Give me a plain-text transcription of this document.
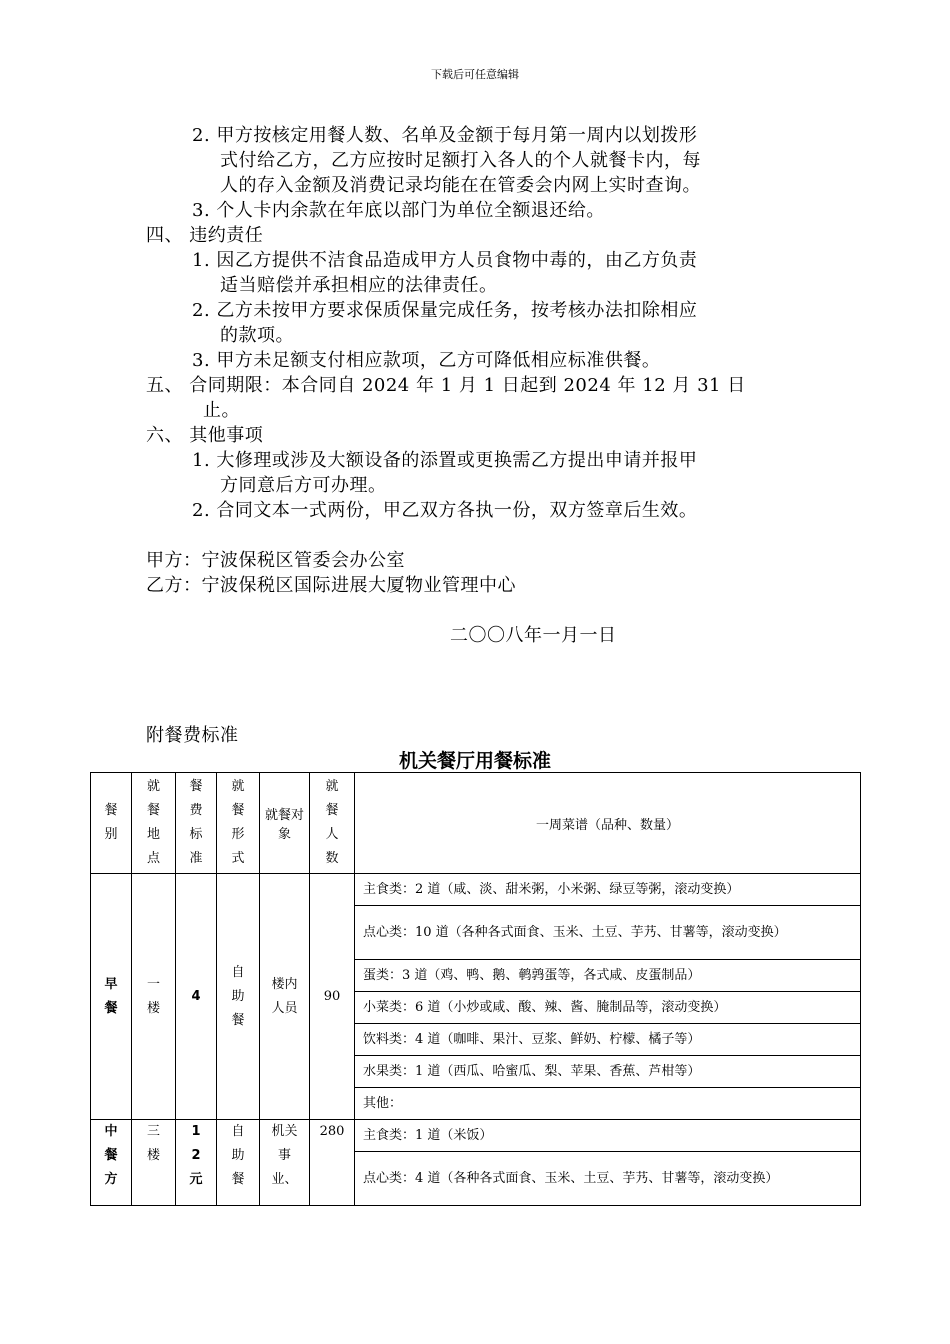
下载后可任意编辑
2. 甲方按核定用餐人数、名单及金额于每月第一周内以划拨形
式付给乙方，乙方应按时足额打入各人的个人就餐卡内，每
人的存入金额及消费记录均能在在管委会内网上实时查询。
3. 个人卡内余款在年底以部门为单位全额退还给。
四、 违约责任
1. 因乙方提供不洁食品造成甲方人员食物中毒的，由乙方负责
适当赔偿并承担相应的法律责任。
2. 乙方未按甲方要求保质保量完成任务，按考核办法扣除相应
的款项。
3. 甲方未足额支付相应款项，乙方可降低相应标准供餐。
五、 合同期限：本合同自 2024 年 1 月 1 日起到 2024 年 12 月 31 日
止。
六、 其他事项
1. 大修理或涉及大额设备的添置或更换需乙方提出申请并报甲
方同意后方可办理。
2. 合同文本一式两份，甲乙双方各执一份，双方签章后生效。
甲方：宁波保税区管委会办公室
乙方：宁波保税区国际进展大厦物业管理中心
二〇〇八年一月一日
附餐费标准
机关餐厅用餐标准
餐别	就餐地点	餐费标准	就餐形式	就餐对象	就餐人数	一周菜谱（品种、数量）
早餐	一楼	4	自助餐	楼内人员	90	主食类：2 道（咸、淡、甜米粥，小米粥、绿豆等粥，滚动变换）
						点心类：10 道（各种各式面食、玉米、土豆、芋艿、甘薯等，滚动变换）
						蛋类：3 道（鸡、鸭、鹅、鹌鹑蛋等，各式咸、皮蛋制品）
						小菜类：6 道（小炒或咸、酸、辣、酱、腌制品等，滚动变换）
						饮料类：4 道（咖啡、果汁、豆浆、鲜奶、柠檬、橘子等）
						水果类：1 道（西瓜、哈蜜瓜、梨、苹果、香蕉、芦柑等）
						其他：
中餐方	三楼	12元	自助餐	机关事业、	280	主食类：1 道（米饭）
						点心类：4 道（各种各式面食、玉米、土豆、芋艿、甘薯等，滚动变换）
